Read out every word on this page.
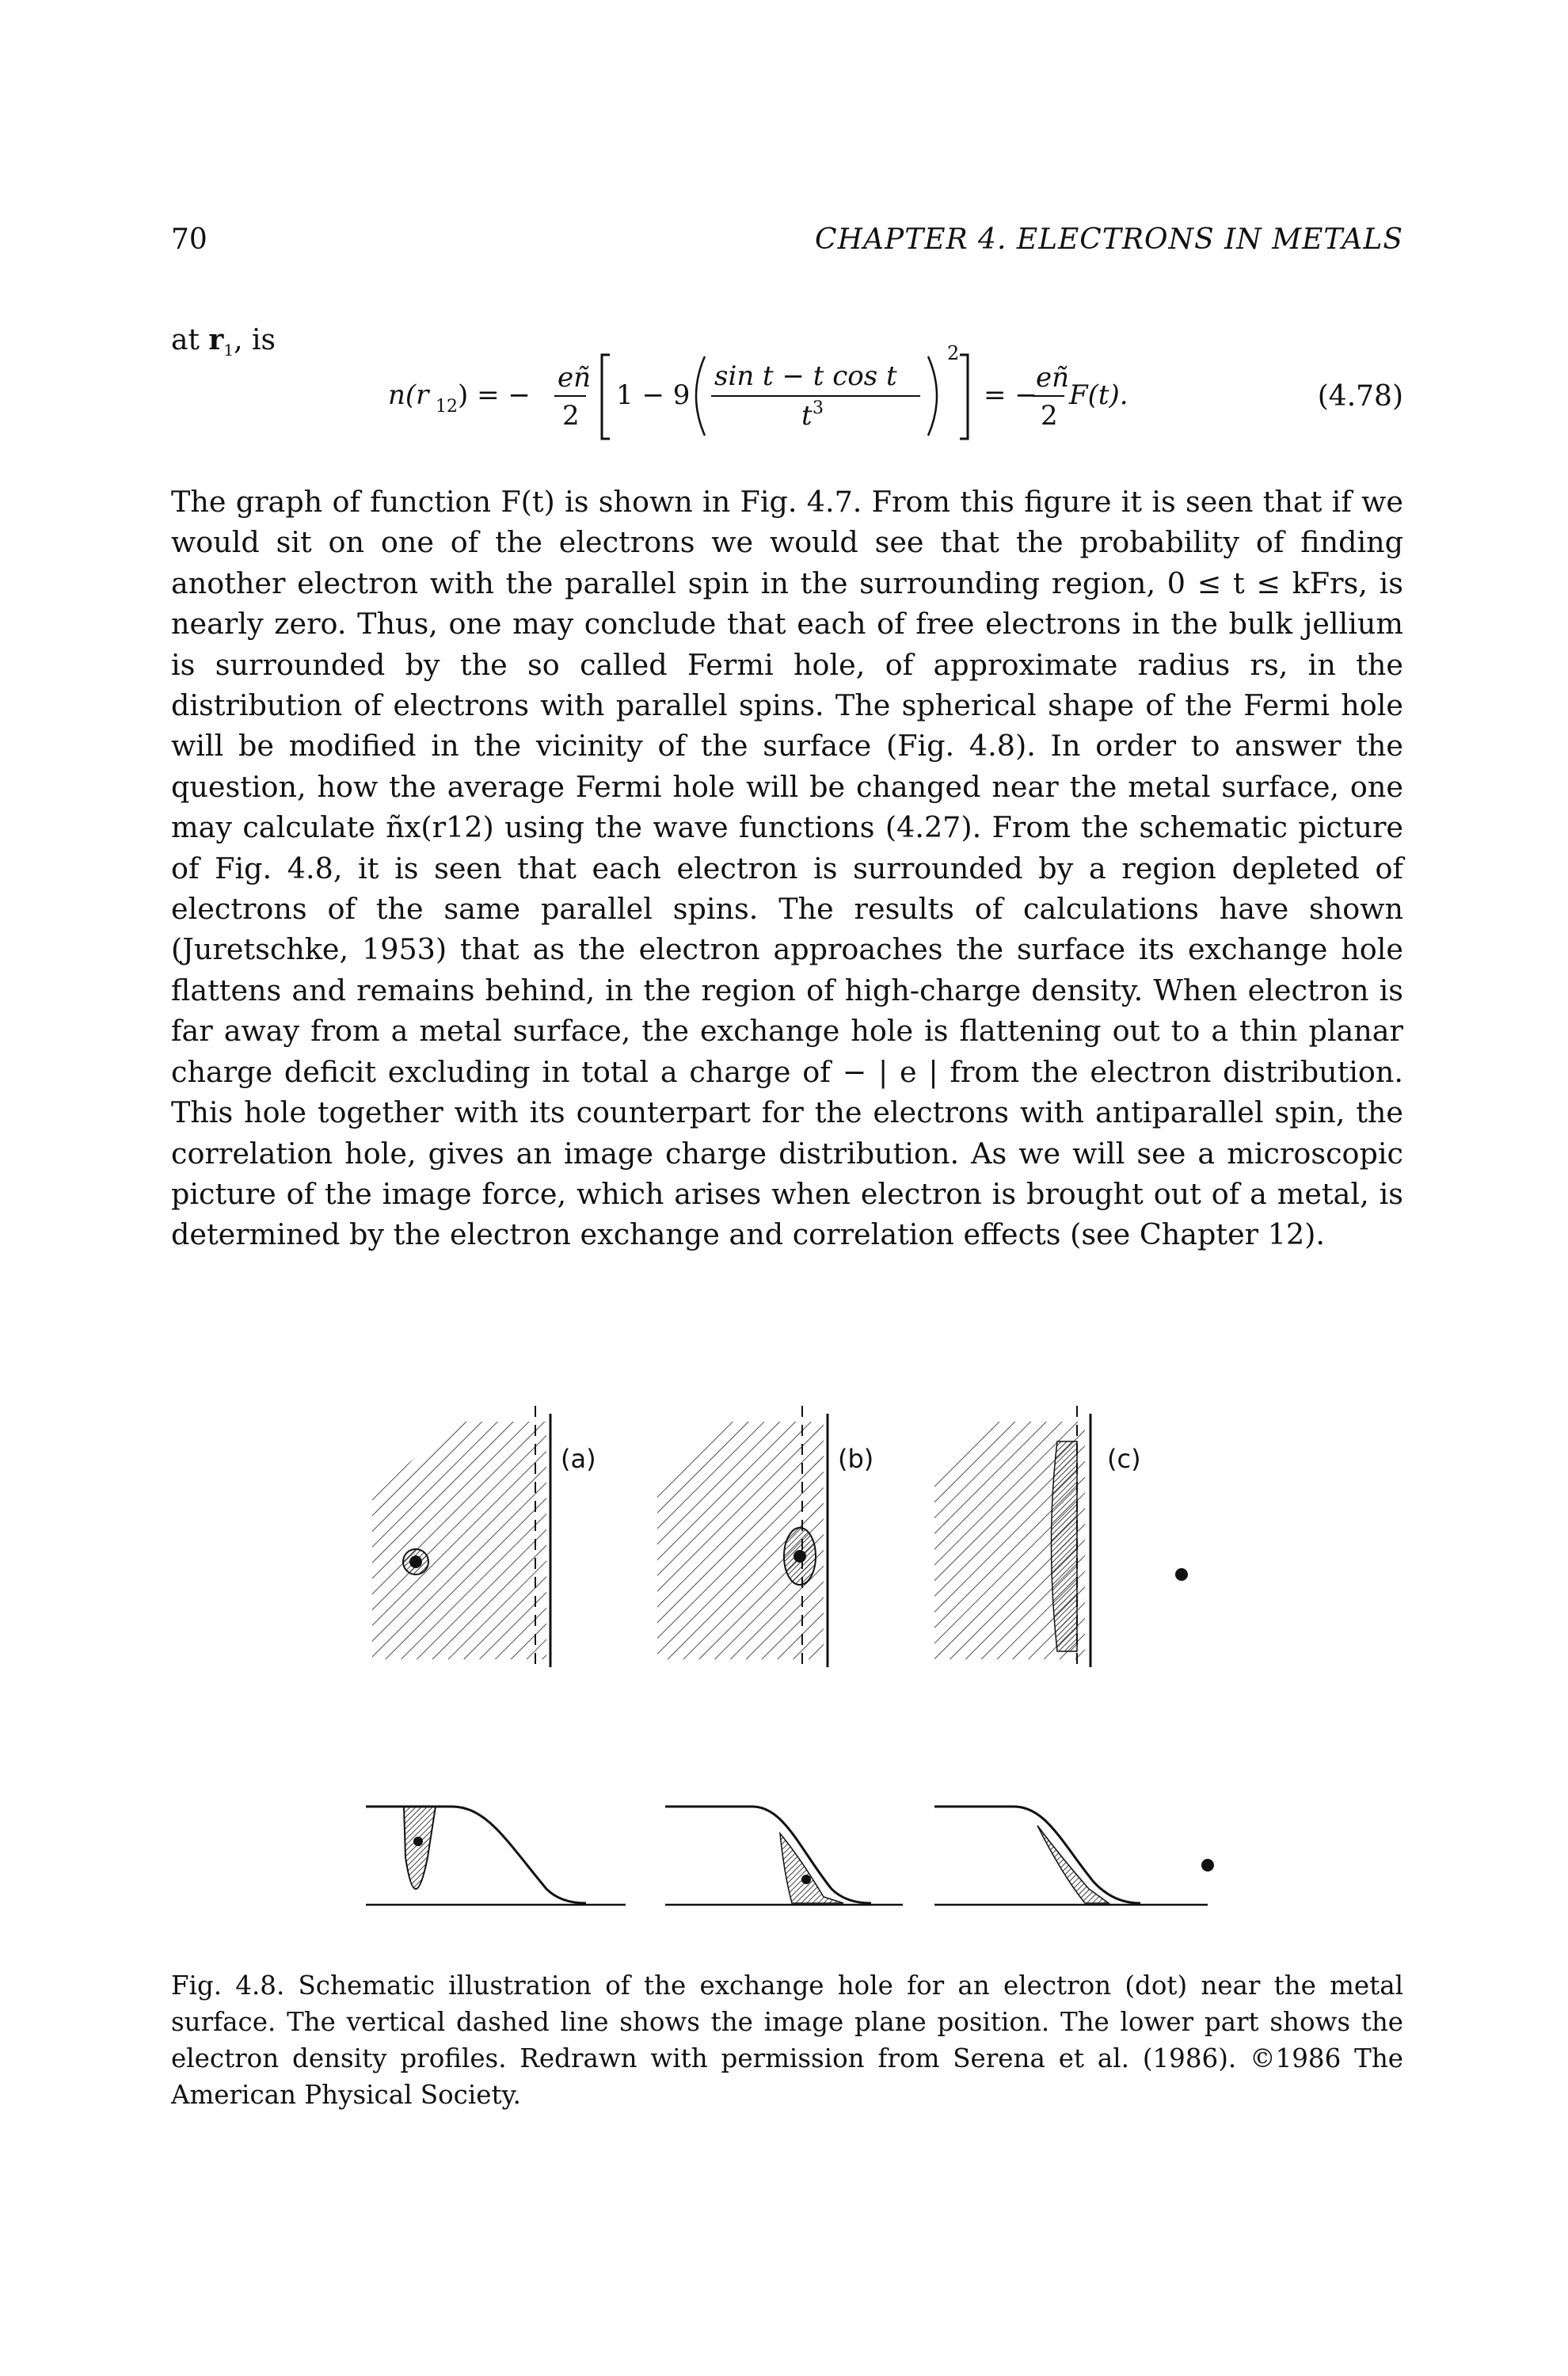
70	CHAPTER 4. ELECTRONS IN METALS
at $r_1$, is
n(r 12 ) = −
eñ
2
1 − 9
sin t − t cos t
t 3
2
= −
eñ
2
F(t).	(4.78)

The graph of function F(t) is shown in Fig. 4.7. From this figure it is seen that if we would sit on one of the electrons we would see that the probability of finding another electron with the parallel spin in the surrounding region, 0 ≤ t ≤ kFrs, is nearly zero. Thus, one may conclude that each of free electrons in the bulk jellium is surrounded by the so called Fermi hole, of approximate radius rs, in the distribution of electrons with parallel spins. The spherical shape of the Fermi hole will be modified in the vicinity of the surface (Fig. 4.8). In order to answer the question, how the average Fermi hole will be changed near the metal surface, one may calculate ñx(r12) using the wave functions (4.27). From the schematic picture of Fig. 4.8, it is seen that each electron is surrounded by a region depleted of electrons of the same parallel spins. The results of calculations have shown (Juretschke, 1953) that as the electron approaches the surface its exchange hole flattens and remains behind, in the region of high-charge density. When electron is far away from a metal surface, the exchange hole is flattening out to a thin planar charge deficit excluding in total a charge of − | e | from the electron distribution. This hole together with its counterpart for the electrons with antiparallel spin, the correlation hole, gives an image charge distribution. As we will see a microscopic picture of the image force, which arises when electron is brought out of a metal, is determined by the electron exchange and correlation effects (see Chapter 12).

(a)	(b)	(c)

Fig. 4.8. Schematic illustration of the exchange hole for an electron (dot) near the metal surface. The vertical dashed line shows the image plane position. The lower part shows the electron density profiles. Redrawn with permission from Serena et al. (1986). ©1986 The American Physical Society.
